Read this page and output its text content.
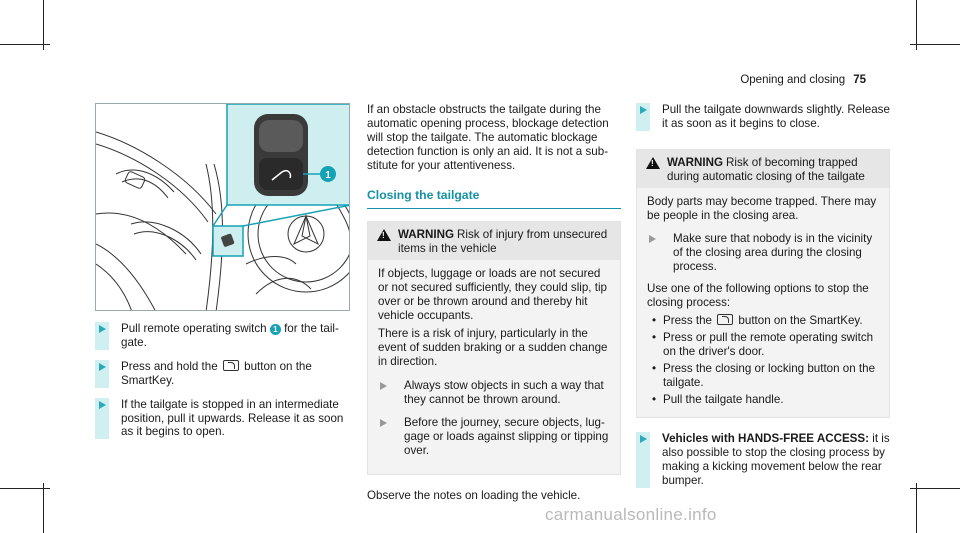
Opening and closing 75
1
Pull remote operating switch 1 for the tailgate.
Press and hold the  button on the SmartKey.
If the tailgate is stopped in an intermediate position, pull it upwards. Release it as soon as it begins to open.

If an obstacle obstructs the tailgate during the automatic opening process, blockage detection will stop the tailgate. The automatic blockage detection function is only an aid. It is not a substitute for your attentiveness.

Closing the tailgate
!
WARNING Risk of injury from unsecured items in the vehicle

If objects, luggage or loads are not secured or not secured sufficiently, they could slip, tip over or be thrown around and thereby hit vehicle occupants.

There is a risk of injury, particularly in the event of sudden braking or a sudden change in direction.

Always stow objects in such a way that they cannot be thrown around.
Before the journey, secure objects, luggage or loads against slipping or tipping over.

Observe the notes on loading the vehicle.

Pull the tailgate downwards slightly. Release it as soon as it begins to close.
!
WARNING Risk of becoming trapped during automatic closing of the tailgate

Body parts may become trapped. There may be people in the closing area.

Make sure that nobody is in the vicinity of the closing area during the closing process.

Use one of the following options to stop the closing process:

• Press the  button on the SmartKey.
• Press or pull the remote operating switch on the driver's door.
• Press the closing or locking button on the tailgate.
• Pull the tailgate handle.
Vehicles with HANDS-FREE ACCESS: it is also possible to stop the closing process by making a kicking movement below the rear bumper.
carmanualsonline.info
